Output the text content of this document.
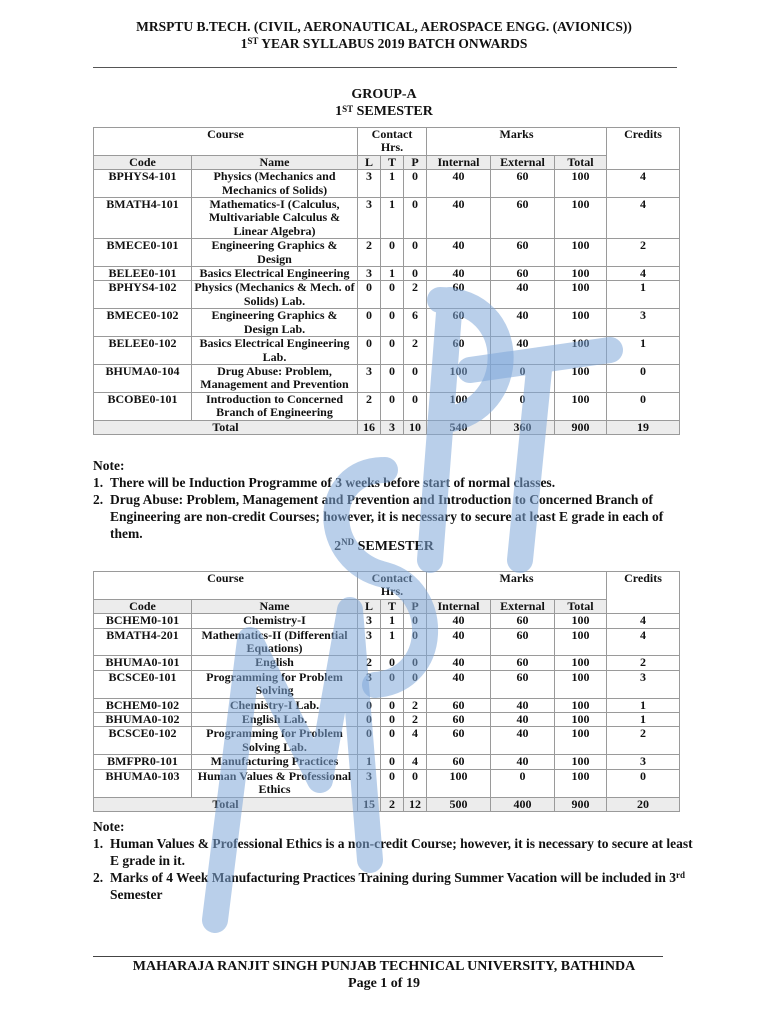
MRSPTU B.TECH. (CIVIL, AERONAUTICAL, AEROSPACE ENGG. (AVIONICS))
1ST YEAR SYLLABUS 2019 BATCH ONWARDS
GROUP-A
1ST SEMESTER
Course		Contact Hrs.			Marks			Credits
Code	Name	L	T	P	Internal	External	Total	
BPHYS4-101	Physics (Mechanics and Mechanics of Solids)	3	1	0	40	60	100	4
BMATH4-101	Mathematics-I (Calculus, Multivariable Calculus & Linear Algebra)	3	1	0	40	60	100	4
BMECE0-101	Engineering Graphics & Design	2	0	0	40	60	100	2
BELEE0-101	Basics Electrical Engineering	3	1	0	40	60	100	4
BPHYS4-102	Physics (Mechanics & Mech. of Solids) Lab.	0	0	2	60	40	100	1
BMECE0-102	Engineering Graphics & Design Lab.	0	0	6	60	40	100	3
BELEE0-102	Basics Electrical Engineering Lab.	0	0	2	60	40	100	1
BHUMA0-104	Drug Abuse: Problem, Management and Prevention	3	0	0	100	0	100	0
BCOBE0-101	Introduction to Concerned Branch of Engineering	2	0	0	100	0	100	0
Total		16	3	10	540	360	900	19
Note:
1. There will be Induction Programme of 3 weeks before start of normal classes.
2. Drug Abuse: Problem, Management and Prevention and Introduction to Concerned Branch of Engineering are non-credit Courses; however, it is necessary to secure at least E grade in each of them.
2ND SEMESTER
Course		Contact Hrs.			Marks			Credits
Code	Name	L	T	P	Internal	External	Total	
BCHEM0-101	Chemistry-I	3	1	0	40	60	100	4
BMATH4-201	Mathematics-II (Differential Equations)	3	1	0	40	60	100	4
BHUMA0-101	English	2	0	0	40	60	100	2
BCSCE0-101	Programming for Problem Solving	3	0	0	40	60	100	3
BCHEM0-102	Chemistry-I Lab.	0	0	2	60	40	100	1
BHUMA0-102	English Lab.	0	0	2	60	40	100	1
BCSCE0-102	Programming for Problem Solving Lab.	0	0	4	60	40	100	2
BMFPR0-101	Manufacturing Practices	1	0	4	60	40	100	3
BHUMA0-103	Human Values & Professional Ethics	3	0	0	100	0	100	0
Total		15	2	12	500	400	900	20
Note:
1. Human Values & Professional Ethics is a non-credit Course; however, it is necessary to secure at least E grade in it.
2. Marks of 4 Week Manufacturing Practices Training during Summer Vacation will be included in 3rd Semester
MAHARAJA RANJIT SINGH PUNJAB TECHNICAL UNIVERSITY, BATHINDA
Page 1 of 19
